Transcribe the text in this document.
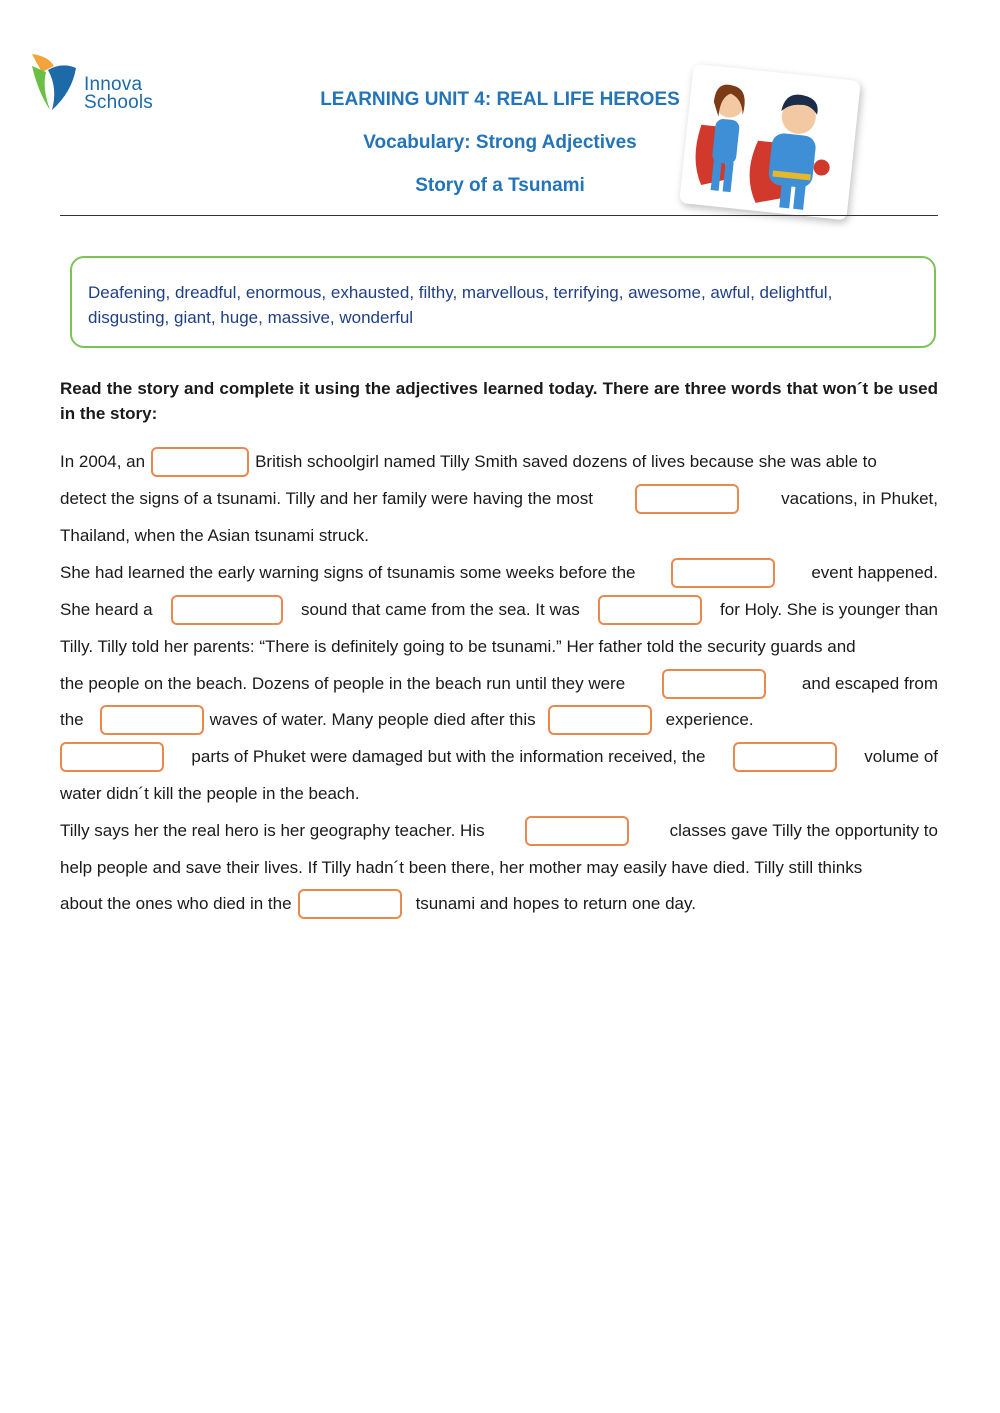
Innova
Schools	LEARNING UNIT 4: REAL LIFE HEROES
Vocabulary: Strong Adjectives
Story of a Tsunami
Deafening, dreadful, enormous, exhausted, filthy, marvellous, terrifying, awesome, awful, delightful,
disgusting, giant, huge, massive, wonderful
Read the story and complete it using the adjectives learned today. There are three words that won´t be used in the story:
In 2004, an	British schoolgirl named Tilly Smith saved dozens of lives because she was able to
detect the signs of a tsunami. Tilly and her family were having the most	vacations, in Phuket,
Thailand, when the Asian tsunami struck.
She had learned the early warning signs of tsunamis some weeks before the	event happened.
She heard a	sound that came from the sea. It was	for Holy. She is younger than
Tilly. Tilly told her parents: “There is definitely going to be tsunami.” Her father told the security guards and
the people on the beach. Dozens of people in the beach run until they were	and escaped from
the	waves of water. Many people died after this	experience.
parts of Phuket were damaged but with the information received, the	volume of
water didn´t kill the people in the beach.
Tilly says her the real hero is her geography teacher. His	classes gave Tilly the opportunity to
help people and save their lives. If Tilly hadn´t been there, her mother may easily have died. Tilly still thinks
about the ones who died in the	tsunami and hopes to return one day.
